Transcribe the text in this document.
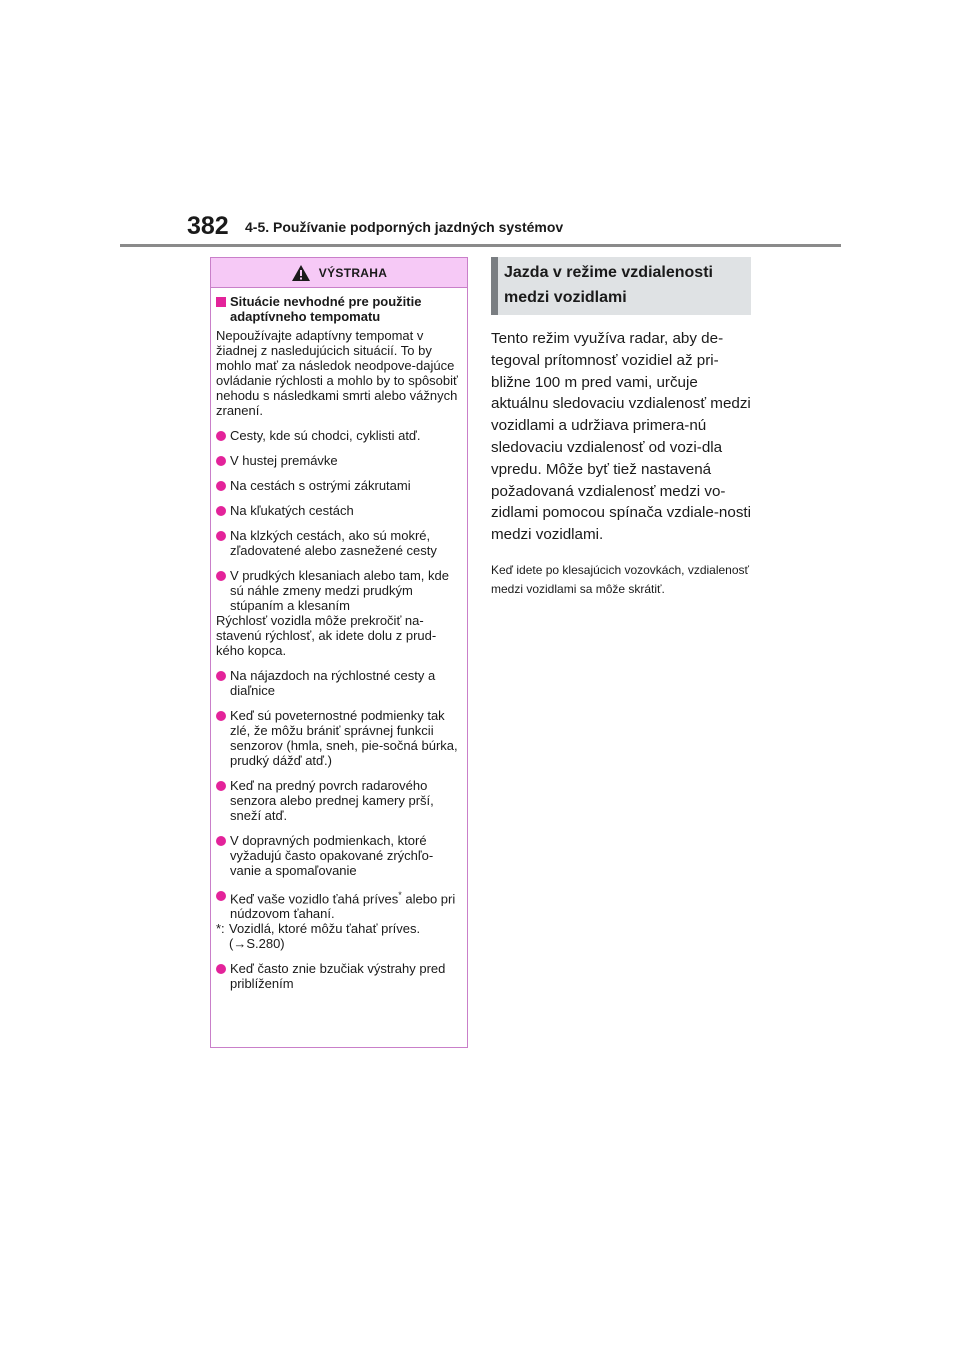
382 4-5. Používanie podporných jazdných systémov
VÝSTRAHA
Situácie nevhodné pre použitie adaptívneho tempomatu
Nepoužívajte adaptívny tempomat v žiadnej z nasledujúcich situácií. To by mohlo mať za následok neodpove-dajúce ovládanie rýchlosti a mohlo by to spôsobiť nehodu s následkami smrti alebo vážnych zranení.
Cesty, kde sú chodci, cyklisti atď.
V hustej premávke
Na cestách s ostrými zákrutami
Na kľukatých cestách
Na klzkých cestách, ako sú mokré, zľadovatené alebo zasnežené cesty
V prudkých klesaniach alebo tam, kde sú náhle zmeny medzi prudkým stúpaním a klesaním
Rýchlosť vozidla môže prekročiť na-stavenú rýchlosť, ak idete dolu z prud-kého kopca.
Na nájazdoch na rýchlostné cesty a diaľnice
Keď sú poveternostné podmienky tak zlé, že môžu brániť správnej funkcii senzorov (hmla, sneh, pie-sočná búrka, prudký dážď atď.)
Keď na predný povrch radarového senzora alebo prednej kamery prší, sneží atď.
V dopravných podmienkach, ktoré vyžadujú často opakované zrýchľo-vanie a spomaľovanie
Keď vaše vozidlo ťahá príves* alebo pri núdzovom ťahaní.
*: Vozidlá, ktoré môžu ťahať príves. (→S.280)
Keď často znie bzučiak výstrahy pred priblížením
Jazda v režime vzdialenosti medzi vozidlami
Tento režim využíva radar, aby de-tegoval prítomnosť vozidiel až pri-bližne 100 m pred vami, určuje aktuálnu sledovaciu vzdialenosť medzi vozidlami a udržiava primera-nú sledovaciu vzdialenosť od vozi-dla vpredu. Môže byť tiež nastavená požadovaná vzdialenosť medzi vo-zidlami pomocou spínača vzdiale-nosti medzi vozidlami.
Keď idete po klesajúcich vozovkách, vzdialenosť medzi vozidlami sa môže skrátiť.
